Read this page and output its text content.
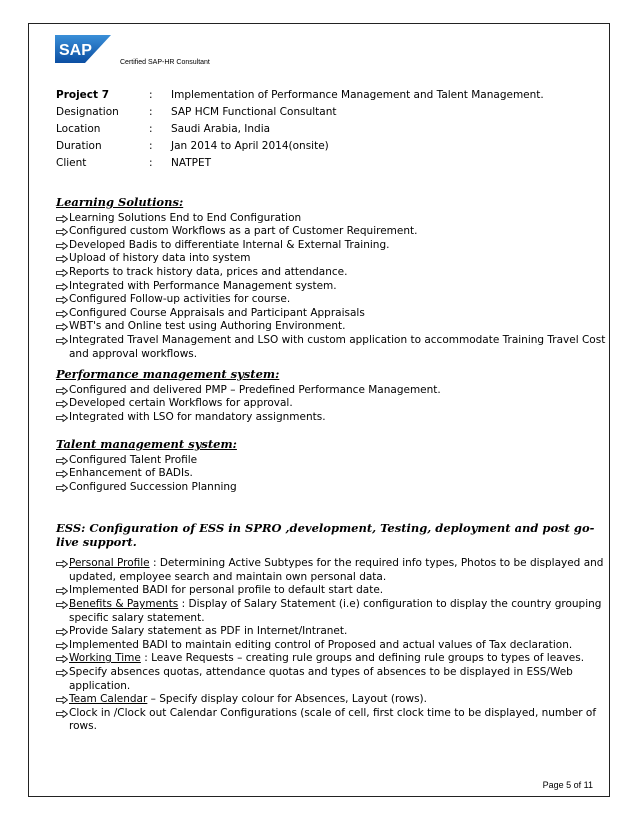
SAP
Certified SAP-HR Consultant
Project 7	:	Implementation of Performance Management and Talent Management.
Designation	:	SAP HCM Functional Consultant
Location	:	Saudi Arabia, India
Duration	:	Jan 2014 to April 2014(onsite)
Client	:	NATPET
Learning Solutions:
Learning Solutions End to End Configuration
Configured custom Workflows as a part of Customer Requirement.
Developed Badis to differentiate Internal & External Training.
Upload of history data into system
Reports to track history data, prices and attendance.
Integrated with Performance Management system.
Configured Follow-up activities for course.
Configured Course Appraisals and Participant Appraisals
WBT's and Online test using Authoring Environment.
Integrated Travel Management and LSO with custom application to accommodate Training Travel Cost and approval workflows.
Performance management system:
Configured and delivered PMP – Predefined Performance Management.
Developed certain Workflows for approval.
Integrated with LSO for mandatory assignments.
Talent management system:
Configured Talent Profile
Enhancement of BADIs.
Configured Succession Planning
ESS: Configuration of ESS in SPRO ,development, Testing, deployment and post go-live support.
Personal Profile : Determining Active Subtypes for the required info types, Photos to be displayed and updated, employee search and maintain own personal data.
Implemented BADI for personal profile to default start date.
Benefits & Payments : Display of Salary Statement (i.e) configuration to display the country grouping specific salary statement.
Provide Salary statement as PDF in Internet/Intranet.
Implemented BADI to maintain editing control of Proposed and actual values of Tax declaration.
Working Time : Leave Requests – creating rule groups and defining rule groups to types of leaves.
Specify absences quotas, attendance quotas and types of absences to be displayed in ESS/Web application.
Team Calendar – Specify display colour for Absences, Layout (rows).
Clock in /Clock out Calendar Configurations (scale of cell, first clock time to be displayed, number of rows.
Page 5 of 11
